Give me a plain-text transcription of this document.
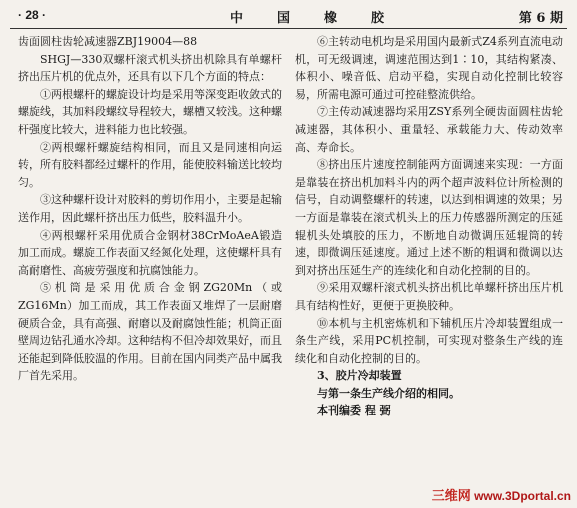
· 28 ·	中国橡胶	第 6 期

齿面圆柱齿轮减速器ZBJ19004—88

SHGJ—330双螺杆滚式机头挤出机除具有单螺杆挤出压片机的优点外，还具有以下几个方面的特点：

①两根螺杆的螺旋设计均是采用等深变距收敛式的螺旋线，其加料段螺纹导程较大，螺槽又较浅。这种螺杆强度比较大，进料能力也比较强。

②两根螺杆螺旋结构相同，而且又是同速相向运转，所有胶料都经过螺杆的作用，能使胶料输送比较均匀。

③这种螺杆设计对胶料的剪切作用小，主要是起输送作用，因此螺杆挤出压力低些，胶料温升小。

④两根螺杆采用优质合金钢材38CrMoAeA锻造加工而成。螺旋工作表面又经氮化处理，这使螺杆具有高耐磨性、高疲劳强度和抗腐蚀能力。

⑤机筒是采用优质合金钢ZG20Mn（或ZG16Mn）加工而成，其工作表面又堆焊了一层耐磨硬质合金，具有高强、耐磨以及耐腐蚀性能；机筒正面壁周边钻孔通水冷却。这种结构不但冷却效果好，而且还能起到降低胶温的作用。目前在国内同类产品中属我厂首先采用。

⑥主转动电机均是采用国内最新式Z4系列直流电动机，可无级调速，调速范围达到1∶10，其结构紧凑、体积小、噪音低、启动平稳，实现自动化控制比较容易，所需电源可通过可控硅整流供给。

⑦主传动减速器均采用ZSY系列全硬齿面圆柱齿轮减速器，其体积小、重量轻、承载能力大、传动效率高、寿命长。

⑧挤出压片速度控制能两方面调速来实现：一方面是靠装在挤出机加料斗内的两个超声波料位计所检测的信号，自动调整螺杆的转速，以达到相调速的效果；另一方面是靠装在滚式机头上的压力传感器所测定的压延辊机头处填胶的压力，不断地自动微调压延辊筒的转速，即微调压延速度。通过上述不断的粗调和微调以达到对挤出压延生产的连续化和自动化控制的目的。

⑨采用双螺杆滚式机头挤出机比单螺杆挤出压片机具有结构性好，更便于更换胶种。

⑩本机与主机密炼机和下辅机压片冷却装置组成一条生产线，采用PC机控制，可实现对整条生产线的连续化和自动化控制的目的。

3、胶片冷却装置

与第一条生产线介绍的相同。

本刊编委 程 弼

三维网 www.3Dportal.cn
